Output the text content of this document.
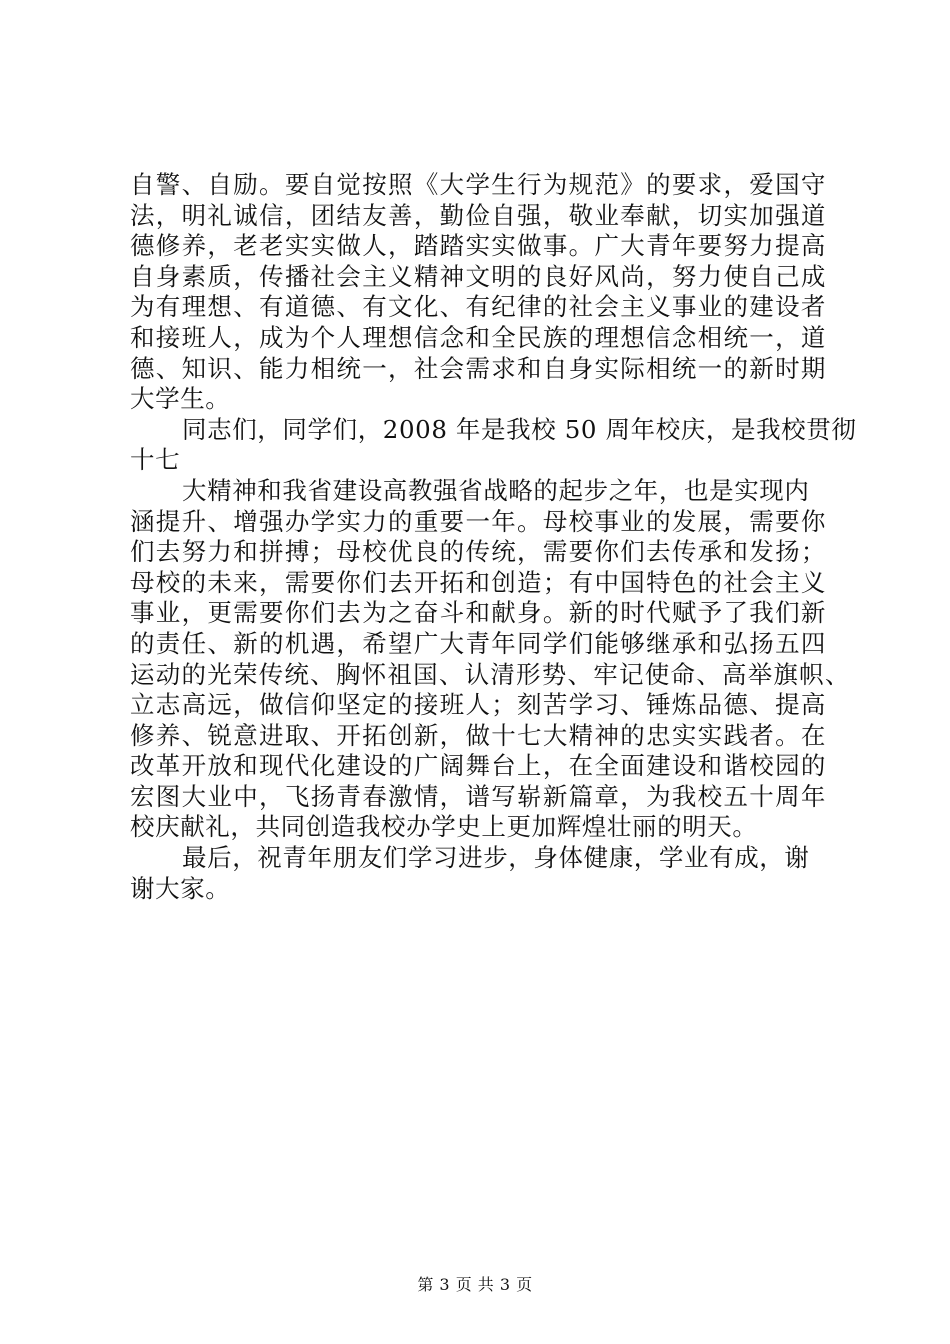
自警、自励。要自觉按照《大学生行为规范》的要求，爱国守
法，明礼诚信，团结友善，勤俭自强，敬业奉献，切实加强道
德修养，老老实实做人，踏踏实实做事。广大青年要努力提高
自身素质，传播社会主义精神文明的良好风尚，努力使自己成
为有理想、有道德、有文化、有纪律的社会主义事业的建设者
和接班人，成为个人理想信念和全民族的理想信念相统一，道
德、知识、能力相统一，社会需求和自身实际相统一的新时期
大学生。
同志们，同学们，2008 年是我校 50 周年校庆，是我校贯彻
十七
大精神和我省建设高教强省战略的起步之年，也是实现内
涵提升、增强办学实力的重要一年。母校事业的发展，需要你
们去努力和拼搏；母校优良的传统，需要你们去传承和发扬；
母校的未来，需要你们去开拓和创造；有中国特色的社会主义
事业，更需要你们去为之奋斗和献身。新的时代赋予了我们新
的责任、新的机遇，希望广大青年同学们能够继承和弘扬五四
运动的光荣传统、胸怀祖国、认清形势、牢记使命、高举旗帜、
立志高远，做信仰坚定的接班人；刻苦学习、锤炼品德、提高
修养、锐意进取、开拓创新，做十七大精神的忠实实践者。在
改革开放和现代化建设的广阔舞台上，在全面建设和谐校园的
宏图大业中，飞扬青春激情，谱写崭新篇章，为我校五十周年
校庆献礼，共同创造我校办学史上更加辉煌壮丽的明天。
最后，祝青年朋友们学习进步，身体健康，学业有成，谢
谢大家。
第 3 页 共 3 页
